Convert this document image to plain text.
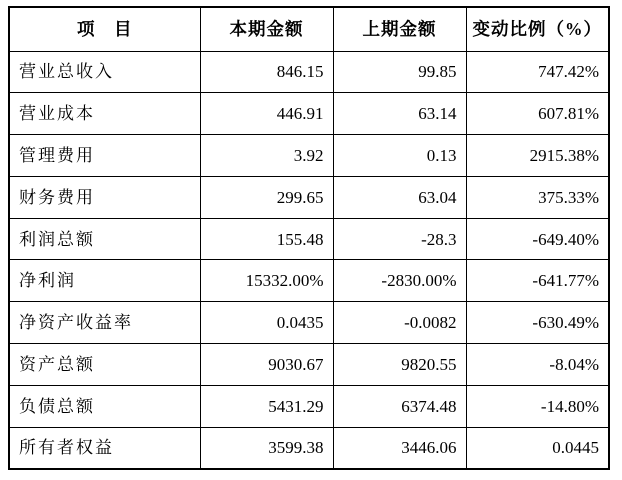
项　目	本期金额	上期金额	变动比例（%）
营业总收入	846.15	99.85	747.42%
营业成本	446.91	63.14	607.81%
管理费用	3.92	0.13	2915.38%
财务费用	299.65	63.04	375.33%
利润总额	155.48	-28.3	-649.40%
净利润	15332.00%	-2830.00%	-641.77%
净资产收益率	0.0435	-0.0082	-630.49%
资产总额	9030.67	9820.55	-8.04%
负债总额	5431.29	6374.48	-14.80%
所有者权益	3599.38	3446.06	0.0445
